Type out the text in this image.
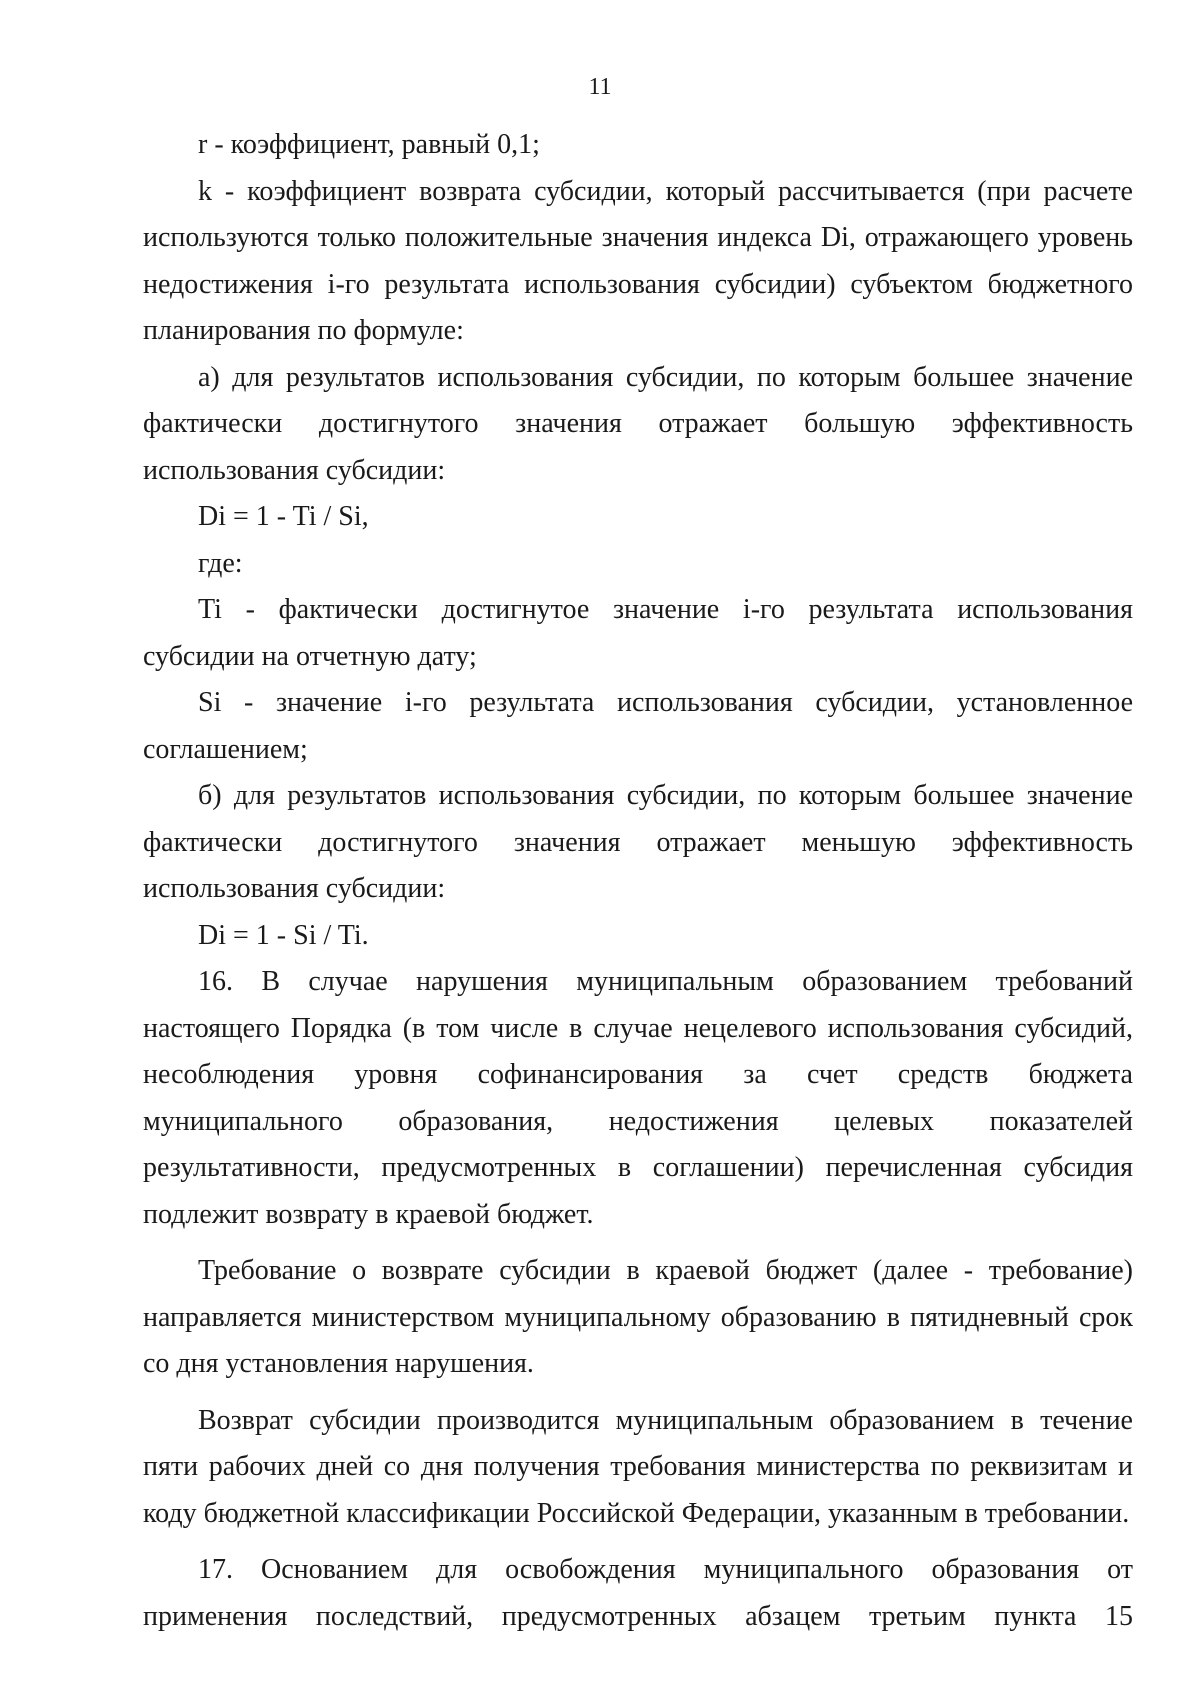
11

r - коэффициент, равный 0,1;

k - коэффициент возврата субсидии, который рассчитывается (при расчете используются только положительные значения индекса Di, отражающего уровень недостижения i-го результата использования субсидии) субъектом бюджетного планирования по формуле:

а) для результатов использования субсидии, по которым большее значение фактически достигнутого значения отражает большую эффективность использования субсидии:

Di = 1 - Ti / Si,

где:

Ti - фактически достигнутое значение i-го результата использования субсидии на отчетную дату;

Si - значение i-го результата использования субсидии, установленное соглашением;

б) для результатов использования субсидии, по которым большее значение фактически достигнутого значения отражает меньшую эффективность использования субсидии:

Di = 1 - Si / Ti.

16. В случае нарушения муниципальным образованием требований настоящего Порядка (в том числе в случае нецелевого использования субсидий, несоблюдения уровня софинансирования за счет средств бюджета муниципального образования, недостижения целевых показателей результативности, предусмотренных в соглашении) перечисленная субсидия подлежит возврату в краевой бюджет.

Требование о возврате субсидии в краевой бюджет (далее - требование) направляется министерством муниципальному образованию в пятидневный срок со дня установления нарушения.

Возврат субсидии производится муниципальным образованием в течение пяти рабочих дней со дня получения требования министерства по реквизитам и коду бюджетной классификации Российской Федерации, указанным в требовании.

17. Основанием для освобождения муниципального образования от применения последствий, предусмотренных абзацем третьим пункта 15
